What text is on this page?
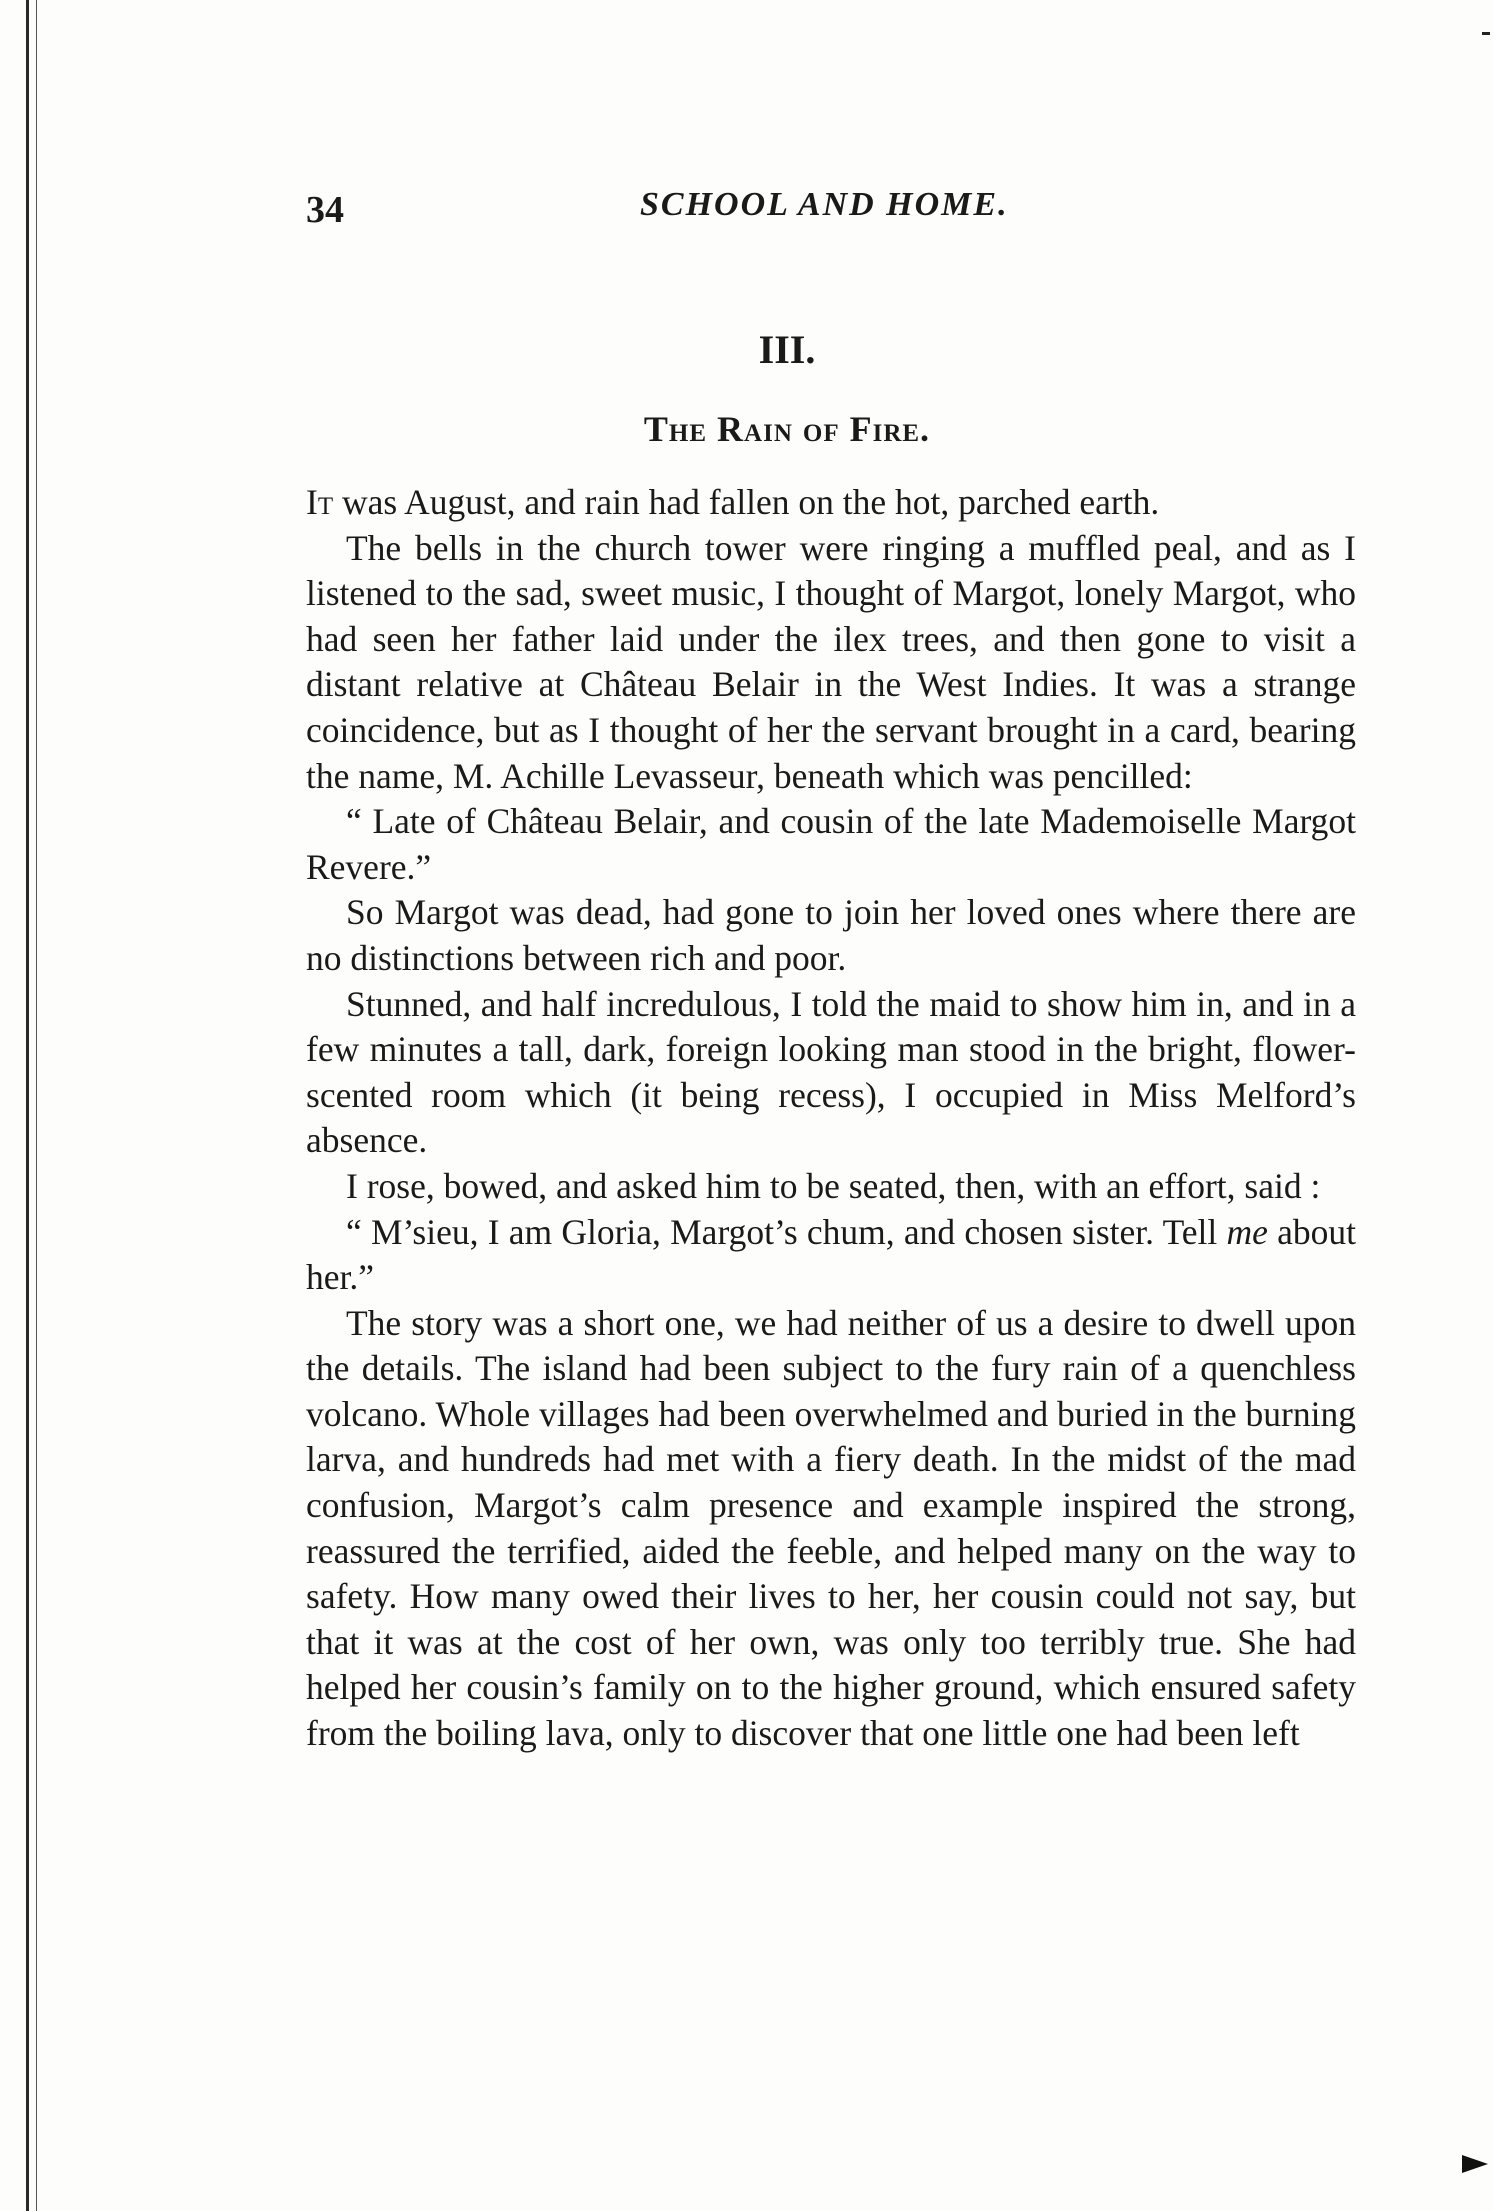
34	SCHOOL AND HOME.
III.
The Rain of Fire.

It was August, and rain had fallen on the hot, parched earth.

The bells in the church tower were ringing a muffled peal, and as I listened to the sad, sweet music, I thought of Margot, lonely Margot, who had seen her father laid under the ilex trees, and then gone to visit a distant relative at Château Belair in the West Indies. It was a strange coincidence, but as I thought of her the servant brought in a card, bearing the name, M. Achille Levasseur, beneath which was pencilled:

“ Late of Château Belair, and cousin of the late Mademoiselle Margot Revere.”

So Margot was dead, had gone to join her loved ones where there are no distinctions between rich and poor.

Stunned, and half incredulous, I told the maid to show him in, and in a few minutes a tall, dark, foreign looking man stood in the bright, flower-scented room which (it being recess), I occupied in Miss Melford’s absence.

I rose, bowed, and asked him to be seated, then, with an effort, said :

“ M’sieu, I am Gloria, Margot’s chum, and chosen sister. Tell me about her.”

The story was a short one, we had neither of us a desire to dwell upon the details. The island had been subject to the fury rain of a quenchless volcano. Whole villages had been overwhelmed and buried in the burning larva, and hundreds had met with a fiery death. In the midst of the mad confusion, Margot’s calm presence and example inspired the strong, reassured the terrified, aided the feeble, and helped many on the way to safety. How many owed their lives to her, her cousin could not say, but that it was at the cost of her own, was only too terribly true. She had helped her cousin’s family on to the higher ground, which ensured safety from the boiling lava, only to discover that one little one had been left
